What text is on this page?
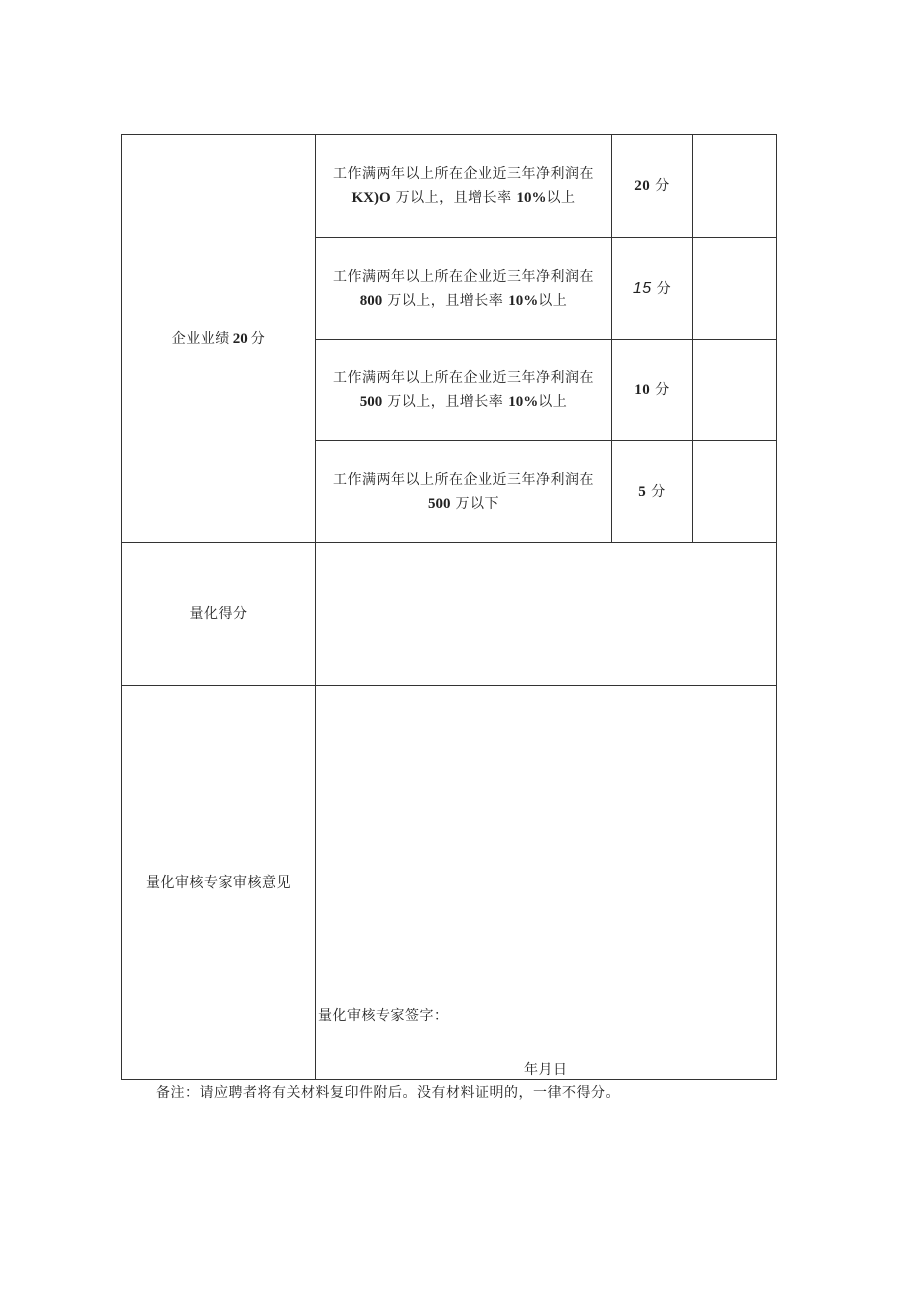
企业业绩 20 分
工作满两年以上所在企业近三年净利润在
KX)O 万以上，且增长率 10%以上
20
分
工作满两年以上所在企业近三年净利润在
800 万以上，且增长率 10%以上
15
分
工作满两年以上所在企业近三年净利润在
500 万以上，且增长率 10%以上
10
分
工作满两年以上所在企业近三年净利润在
500 万以下
5
分
量化得分
量化审核专家审核意见
量化审核专家签字：
年月日
备注：请应聘者将有关材料复印件附后。没有材料证明的，一律不得分。
